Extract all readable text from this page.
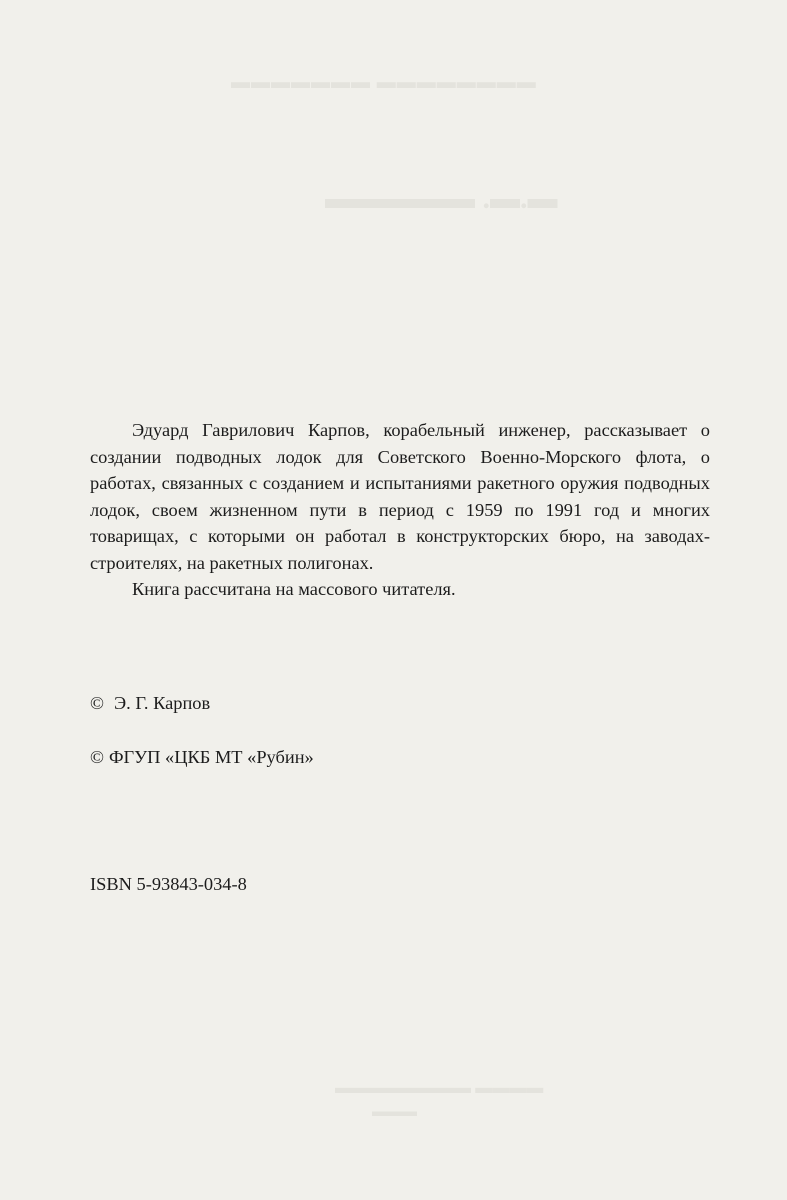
▬▬▬▬▬▬▬▬ ▬▬▬▬▬▬▬
▬.▬. ▬▬▬▬▬
▬▬▬▬ ▬▬▬▬▬▬▬▬
▬▬▬

Эдуард Гаврилович Карпов, корабельный инженер, рассказывает о создании подводных лодок для Советского Военно-Морского флота, о работах, связанных с созданием и испытаниями ракетного оружия подводных лодок, своем жизненном пути в период с 1959 по 1991 год и многих товарищах, с которыми он работал в конструкторских бюро, на заводах-строителях, на ракетных полигонах.

Книга рассчитана на массового читателя.

© Э. Г. Карпов
© ФГУП «ЦКБ МТ «Рубин»
ISBN 5-93843-034-8
